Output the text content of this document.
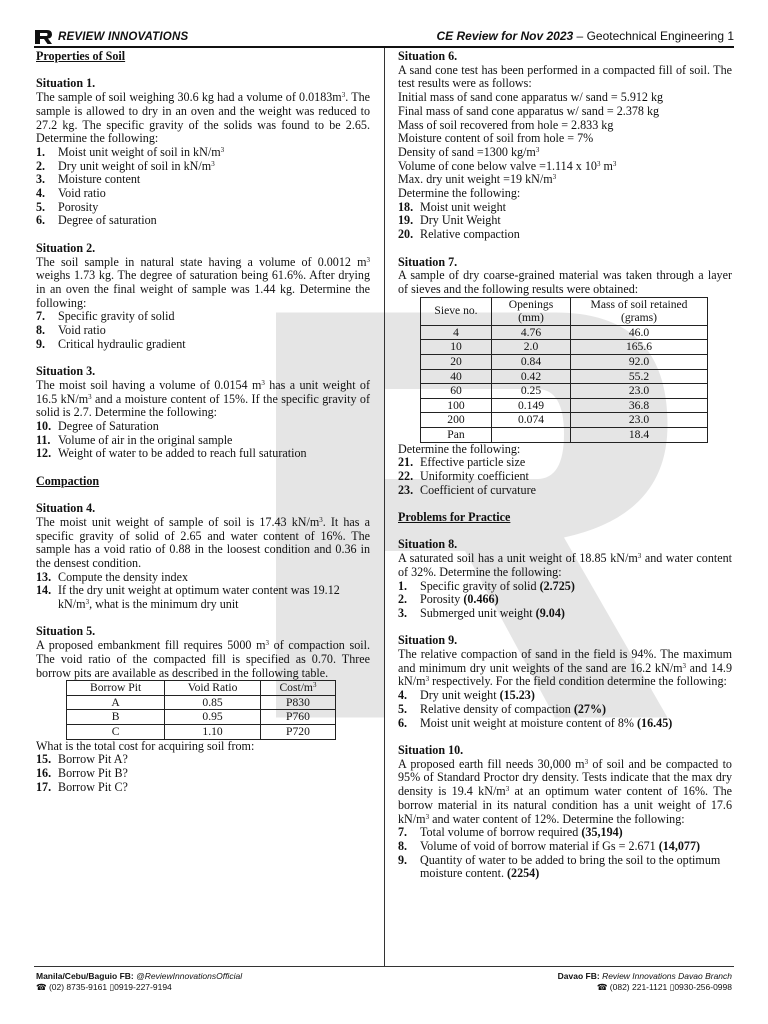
REVIEW INNOVATIONS	CE Review for Nov 2023 – Geotechnical Engineering 1

Properties of Soil

Situation 1.

The sample of soil weighing 30.6 kg had a volume of $0.0183m^3$. The sample is allowed to dry in an oven and the weight was reduced to 27.2 kg. The specific gravity of the solids was found to be 2.65. Determine the following:

1. Moist unit weight of soil in $kN/m^3$
2. Dry unit weight of soil in $kN/m^3$
3. Moisture content
4. Void ratio
5. Porosity
6. Degree of saturation

Situation 2.

The soil sample in natural state having a volume of 0.0012 $m^3$ weighs 1.73 kg. The degree of saturation being 61.6%. After drying in an oven the final weight of sample was 1.44 kg. Determine the following:

7. Specific gravity of solid
8. Void ratio
9. Critical hydraulic gradient

Situation 3.

The moist soil having a volume of 0.0154 $m^3$ has a unit weight of 16.5 $kN/m^3$ and a moisture content of 15%. If the specific gravity of solid is 2.7. Determine the following:

10. Degree of Saturation
11. Volume of air in the original sample
12. Weight of water to be added to reach full saturation

Compaction

Situation 4.

The moist unit weight of sample of soil is 17.43 $kN/m^3$. It has a specific gravity of solid of 2.65 and water content of 16%. The sample has a void ratio of 0.88 in the loosest condition and 0.36 in the densest condition.

13. Compute the density index
14. If the dry unit weight at optimum water content was 19.12 $kN/m^3$, what is the minimum dry unit

Situation 5.

A proposed embankment fill requires 5000 $m^3$ of compaction soil. The void ratio of the compacted fill is specified as 0.70. Three borrow pits are available as described in the following table.

Borrow Pit	Void Ratio	Cost/$m^3$
A	0.85	P830
B	0.95	P760
C	1.10	P720

What is the total cost for acquiring soil from:

15. Borrow Pit A?
16. Borrow Pit B?
17. Borrow Pit C?

Situation 6.

A sand cone test has been performed in a compacted fill of soil. The test results were as follows:

Initial mass of sand cone apparatus w/ sand = 5.912 kg

Final mass of sand cone apparatus w/ sand = 2.378 kg

Mass of soil recovered from hole = 2.833 kg

Moisture content of soil from hole = 7%

Density of sand =1300 $kg/m^3$

Volume of cone below valve =1.114 x $10^3$ $m^3$

Max. dry unit weight =19 $kN/m^3$

Determine the following:

18. Moist unit weight
19. Dry Unit Weight
20. Relative compaction

Situation 7.

A sample of dry coarse-grained material was taken through a layer of sieves and the following results were obtained:

Sieve no.	Openings (mm)	Mass of soil retained (grams)
4	4.76	46.0
10	2.0	165.6
20	0.84	92.0
40	0.42	55.2
60	0.25	23.0
100	0.149	36.8
200	0.074	23.0
Pan		18.4

Determine the following:

21. Effective particle size
22. Uniformity coefficient
23. Coefficient of curvature

Problems for Practice

Situation 8.

A saturated soil has a unit weight of 18.85 $kN/m^3$ and water content of 32%. Determine the following:

1. Specific gravity of solid (2.725)
2. Porosity (0.466)
3. Submerged unit weight (9.04)

Situation 9.

The relative compaction of sand in the field is 94%. The maximum and minimum dry unit weights of the sand are 16.2 $kN/m^3$ and 14.9 $kN/m^3$ respectively. For the field condition determine the following:

4. Dry unit weight (15.23)
5. Relative density of compaction (27%)
6. Moist unit weight at moisture content of 8% (16.45)

Situation 10.

A proposed earth fill needs 30,000 $m^3$ of soil and be compacted to 95% of Standard Proctor dry density. Tests indicate that the max dry density is 19.4 $kN/m^3$ at an optimum water content of 16%. The borrow material in its natural condition has a unit weight of 17.6 $kN/m^3$ and water content of 12%. Determine the following:

7. Total volume of borrow required (35,194)
8. Volume of void of borrow material if Gs = 2.671 (14,077)
9. Quantity of water to be added to bring the soil to the optimum moisture content. (2254)
Manila/Cebu/Baguio FB: @ReviewInnovationsOfficial
☎ (02) 8735-9161 ▯0919-227-9194
Davao FB: Review Innovations Davao Branch
☎ (082) 221-1121 ▯0930-256-0998
